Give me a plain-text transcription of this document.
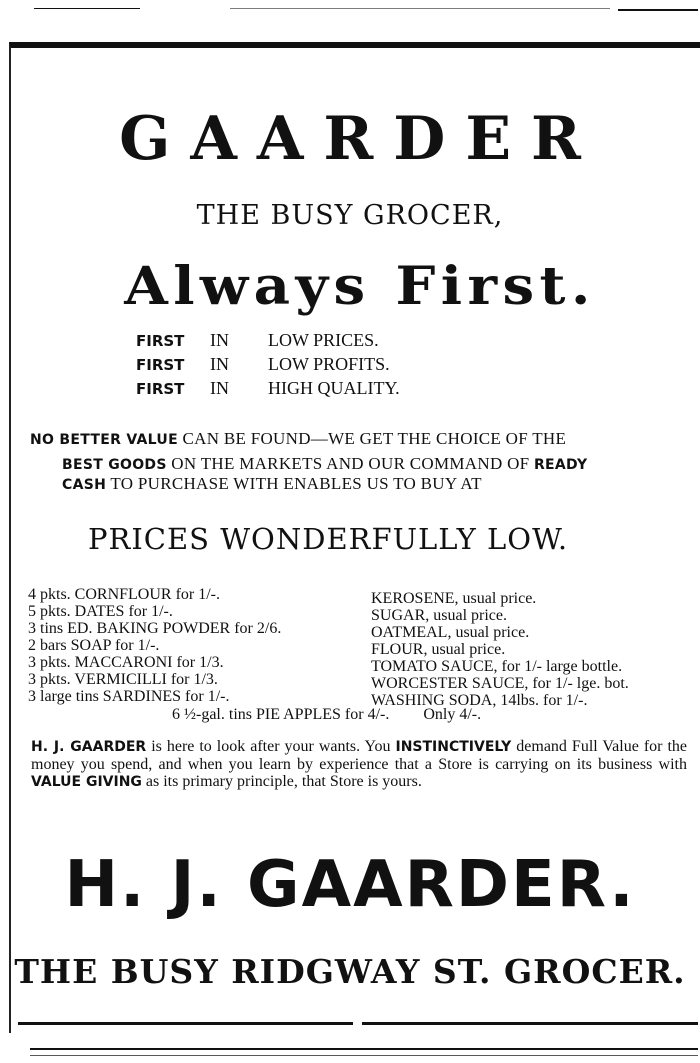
GAARDER
THE BUSY GROCER,
Always First.
FIRST IN LOW PRICES.
FIRST IN LOW PROFITS.
FIRST IN HIGH QUALITY.
NO BETTER VALUE CAN BE FOUND—WE GET THE CHOICE OF THE
BEST GOODS ON THE MARKETS AND OUR COMMAND OF READY
CASH TO PURCHASE WITH ENABLES US TO BUY AT
PRICES WONDERFULLY LOW.
4 pkts. CORNFLOUR for 1/-.
5 pkts. DATES for 1/-.
3 tins ED. BAKING POWDER for 2/6.
2 bars SOAP for 1/-.
3 pkts. MACCARONI for 1/3.
3 pkts. VERMICILLI for 1/3.
3 large tins SARDINES for 1/-.
KEROSENE, usual price.
SUGAR, usual price.
OATMEAL, usual price.
FLOUR, usual price.
TOMATO SAUCE, for 1/- large bottle.
WORCESTER SAUCE, for 1/- lge. bot.
WASHING SODA, 14lbs. for 1/-.
6 ½-gal. tins PIE APPLES for 4/-. Only 4/-.
H. J. GAARDER is here to look after your wants. You INSTINCTIVELY demand Full Value for the money you spend, and when you learn by experience that a Store is carrying on its business with VALUE GIVING as its primary principle, that Store is yours.
H. J. GAARDER.
THE BUSY RIDGWAY ST. GROCER.
